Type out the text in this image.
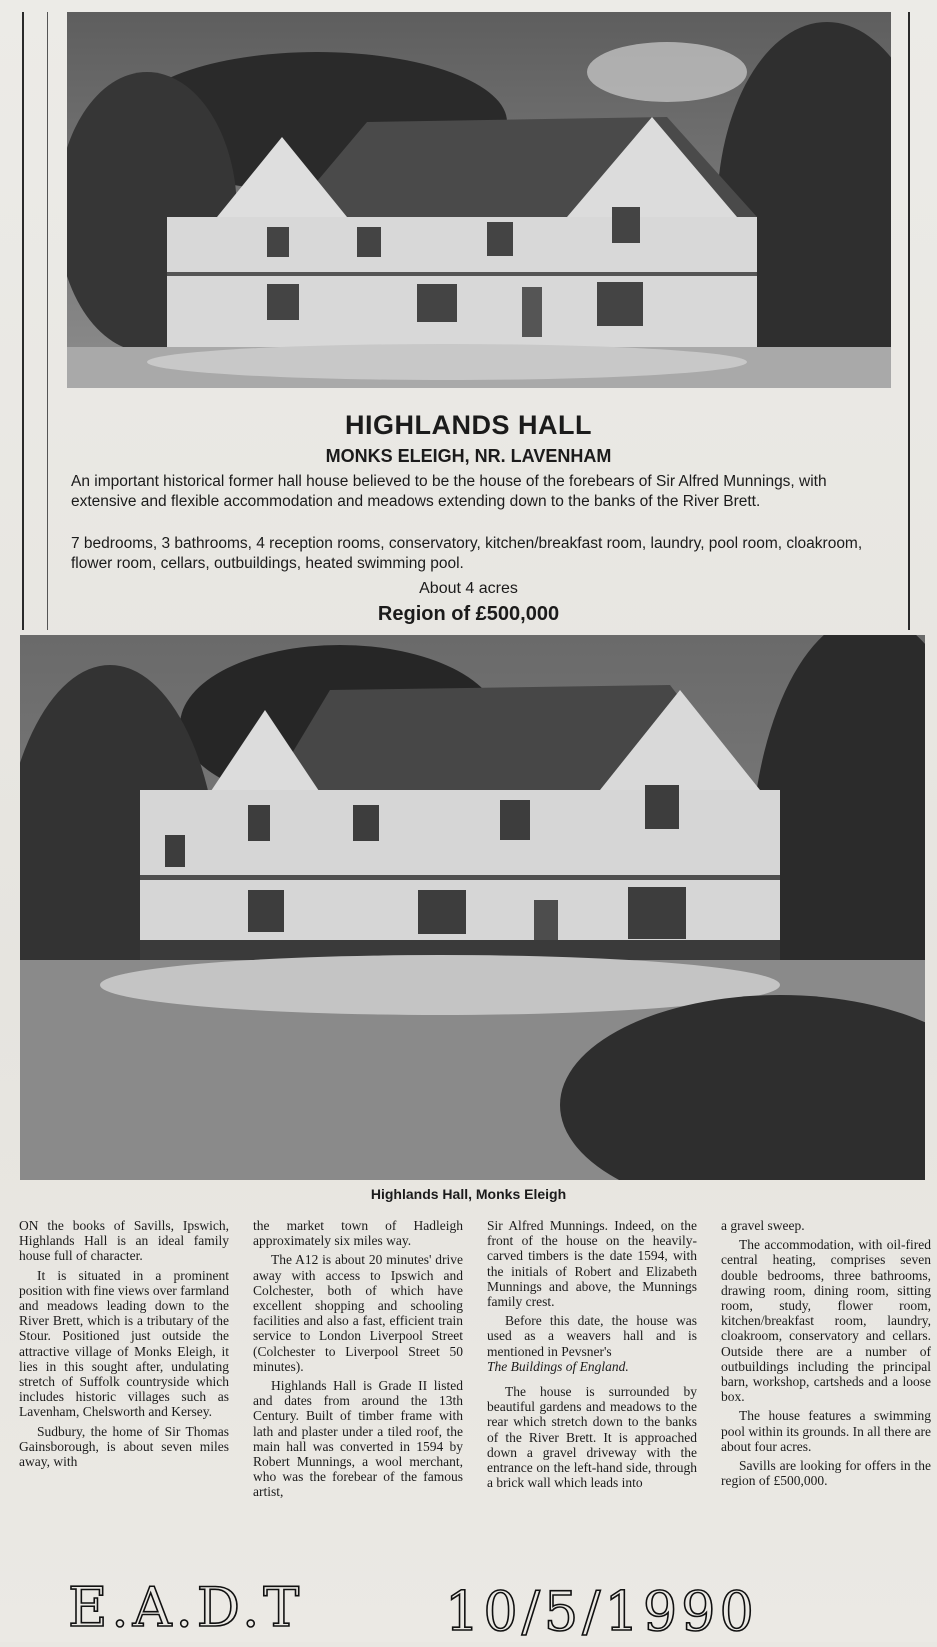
HIGHLANDS HALL
MONKS ELEIGH, NR. LAVENHAM

An important historical former hall house believed to be the house of the forebears of Sir Alfred Munnings, with extensive and flexible accommodation and meadows extending down to the banks of the River Brett.

7 bedrooms, 3 bathrooms, 4 reception rooms, conservatory, kitchen/breakfast room, laundry, pool room, cloakroom, flower room, cellars, outbuildings, heated swimming pool.

About 4 acres
Region of £500,000
Highlands Hall, Monks Eleigh

ON the books of Savills, Ipswich, Highlands Hall is an ideal family house full of character.

It is situated in a prominent position with fine views over farmland and meadows leading down to the River Brett, which is a tributary of the Stour. Positioned just outside the attractive village of Monks Eleigh, it lies in this sought after, undulating stretch of Suffolk countryside which includes historic villages such as Lavenham, Chelsworth and Kersey.

Sudbury, the home of Sir Thomas Gainsborough, is about seven miles away, with

the market town of Hadleigh approximately six miles way.

The A12 is about 20 minutes' drive away with access to Ipswich and Colchester, both of which have excellent shopping and schooling facilities and also a fast, efficient train service to London Liverpool Street (Colchester to Liverpool Street 50 minutes).

Highlands Hall is Grade II listed and dates from around the 13th Century. Built of timber frame with lath and plaster under a tiled roof, the main hall was converted in 1594 by Robert Munnings, a wool merchant, who was the forebear of the famous artist,

Sir Alfred Munnings. Indeed, on the front of the house on the heavily-carved timbers is the date 1594, with the initials of Robert and Elizabeth Munnings and above, the Munnings family crest.

Before this date, the house was used as a weavers hall and is mentioned in Pevsner's

The Buildings of England.

The house is surrounded by beautiful gardens and meadows to the rear which stretch down to the banks of the River Brett. It is approached down a gravel driveway with the entrance on the left-hand side, through a brick wall which leads into

a gravel sweep.

The accommodation, with oil-fired central heating, comprises seven double bedrooms, three bathrooms, drawing room, dining room, sitting room, study, flower room, kitchen/breakfast room, laundry, cloakroom, conservatory and cellars. Outside there are a number of outbuildings including the principal barn, workshop, cartsheds and a loose box.

The house features a swimming pool within its grounds. In all there are about four acres.

Savills are looking for offers in the region of £500,000.

E.A.D.T	10/5/1990
